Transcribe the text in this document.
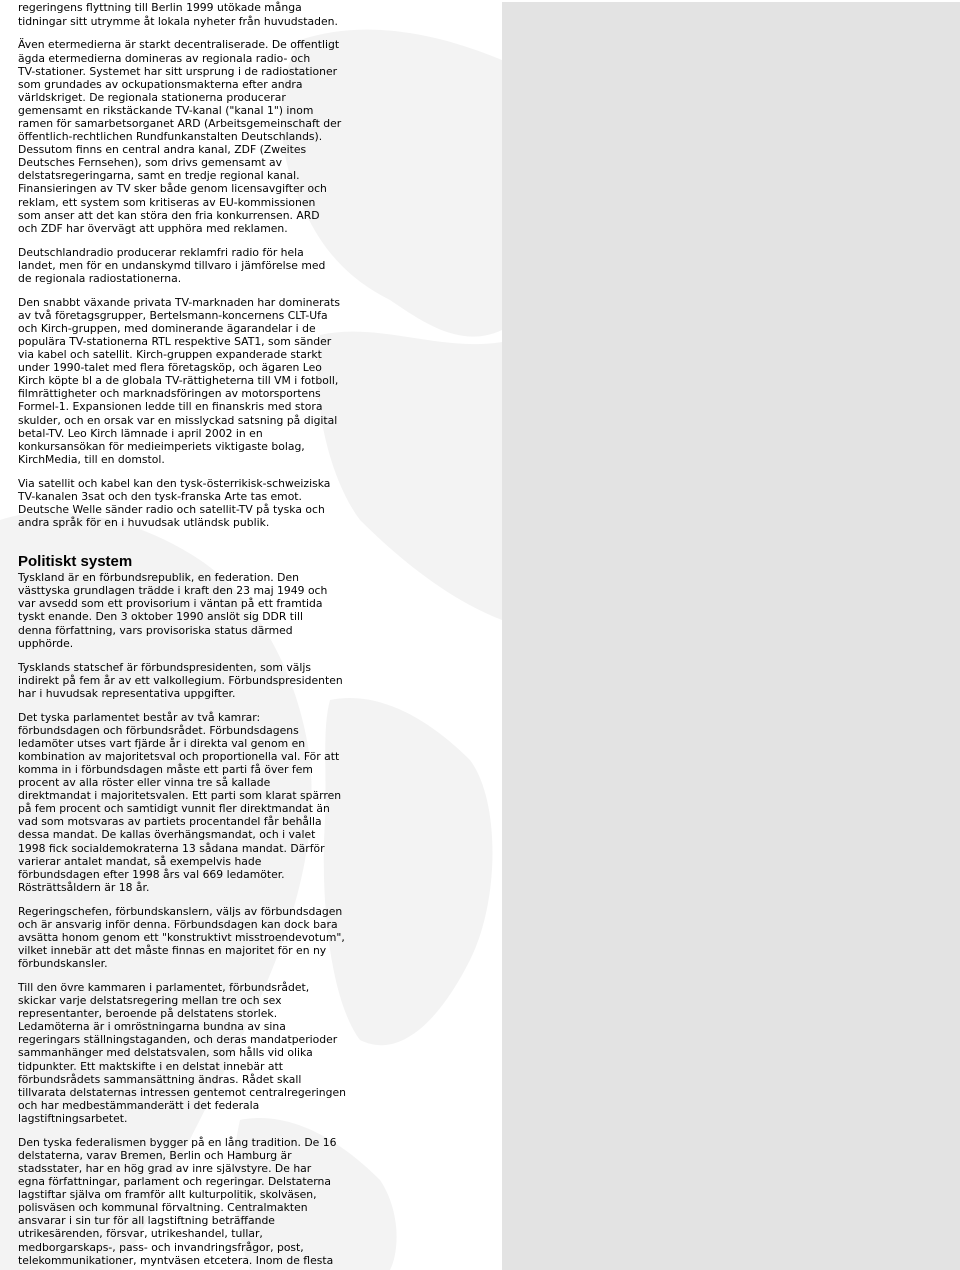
regeringens flyttning till Berlin 1999 utökade många
tidningar sitt utrymme åt lokala nyheter från huvudstaden.

Även etermedierna är starkt decentraliserade. De offentligt
ägda etermedierna domineras av regionala radio- och
TV-stationer. Systemet har sitt ursprung i de radiostationer
som grundades av ockupationsmakterna efter andra
världskriget. De regionala stationerna producerar
gemensamt en rikstäckande TV-kanal ("kanal 1") inom
ramen för samarbetsorganet ARD (Arbeitsgemeinschaft der
öffentlich-rechtlichen Rundfunkanstalten Deutschlands).
Dessutom finns en central andra kanal, ZDF (Zweites
Deutsches Fernsehen), som drivs gemensamt av
delstatsregeringarna, samt en tredje regional kanal.
Finansieringen av TV sker både genom licensavgifter och
reklam, ett system som kritiseras av EU-kommissionen
som anser att det kan störa den fria konkurrensen. ARD
och ZDF har övervägt att upphöra med reklamen.

Deutschlandradio producerar reklamfri radio för hela
landet, men för en undanskymd tillvaro i jämförelse med
de regionala radiostationerna.

Den snabbt växande privata TV-marknaden har dominerats
av två företagsgrupper, Bertelsmann-koncernens CLT-Ufa
och Kirch-gruppen, med dominerande ägarandelar i de
populära TV-stationerna RTL respektive SAT1, som sänder
via kabel och satellit. Kirch-gruppen expanderade starkt
under 1990-talet med flera företagsköp, och ägaren Leo
Kirch köpte bl a de globala TV-rättigheterna till VM i fotboll,
filmrättigheter och marknadsföringen av motorsportens
Formel-1. Expansionen ledde till en finanskris med stora
skulder, och en orsak var en misslyckad satsning på digital
betal-TV. Leo Kirch lämnade i april 2002 in en
konkursansökan för medieimperiets viktigaste bolag,
KirchMedia, till en domstol.

Via satellit och kabel kan den tysk-österrikisk-schweiziska
TV-kanalen 3sat och den tysk-franska Arte tas emot.
Deutsche Welle sänder radio och satellit-TV på tyska och
andra språk för en i huvudsak utländsk publik.

Politiskt system

Tyskland är en förbundsrepublik, en federation. Den
västtyska grundlagen trädde i kraft den 23 maj 1949 och
var avsedd som ett provisorium i väntan på ett framtida
tyskt enande. Den 3 oktober 1990 anslöt sig DDR till
denna författning, vars provisoriska status därmed
upphörde.

Tysklands statschef är förbundspresidenten, som väljs
indirekt på fem år av ett valkollegium. Förbundspresidenten
har i huvudsak representativa uppgifter.

Det tyska parlamentet består av två kamrar:
förbundsdagen och förbundsrådet. Förbundsdagens
ledamöter utses vart fjärde år i direkta val genom en
kombination av majoritetsval och proportionella val. För att
komma in i förbundsdagen måste ett parti få över fem
procent av alla röster eller vinna tre så kallade
direktmandat i majoritetsvalen. Ett parti som klarat spärren
på fem procent och samtidigt vunnit fler direktmandat än
vad som motsvaras av partiets procentandel får behålla
dessa mandat. De kallas överhängsmandat, och i valet
1998 fick socialdemokraterna 13 sådana mandat. Därför
varierar antalet mandat, så exempelvis hade
förbundsdagen efter 1998 års val 669 ledamöter.
Rösträttsåldern är 18 år.

Regeringschefen, förbundskanslern, väljs av förbundsdagen
och är ansvarig inför denna. Förbundsdagen kan dock bara
avsätta honom genom ett "konstruktivt misstroendevotum",
vilket innebär att det måste finnas en majoritet för en ny
förbundskansler.

Till den övre kammaren i parlamentet, förbundsrådet,
skickar varje delstatsregering mellan tre och sex
representanter, beroende på delstatens storlek.
Ledamöterna är i omröstningarna bundna av sina
regeringars ställningstaganden, och deras mandatperioder
sammanhänger med delstatsvalen, som hålls vid olika
tidpunkter. Ett maktskifte i en delstat innebär att
förbundsrådets sammansättning ändras. Rådet skall
tillvarata delstaternas intressen gentemot centralregeringen
och har medbestämmanderätt i det federala
lagstiftningsarbetet.

Den tyska federalismen bygger på en lång tradition. De 16
delstaterna, varav Bremen, Berlin och Hamburg är
stadsstater, har en hög grad av inre självstyre. De har
egna författningar, parlament och regeringar. Delstaterna
lagstiftar själva om framför allt kulturpolitik, skolväsen,
polisväsen och kommunal förvaltning. Centralmakten
ansvarar i sin tur för all lagstiftning beträffande
utrikesärenden, försvar, utrikeshandel, tullar,
medborgarskaps-, pass- och invandringsfrågor, post,
telekommunikationer, myntväsen etcetera. Inom de flesta
